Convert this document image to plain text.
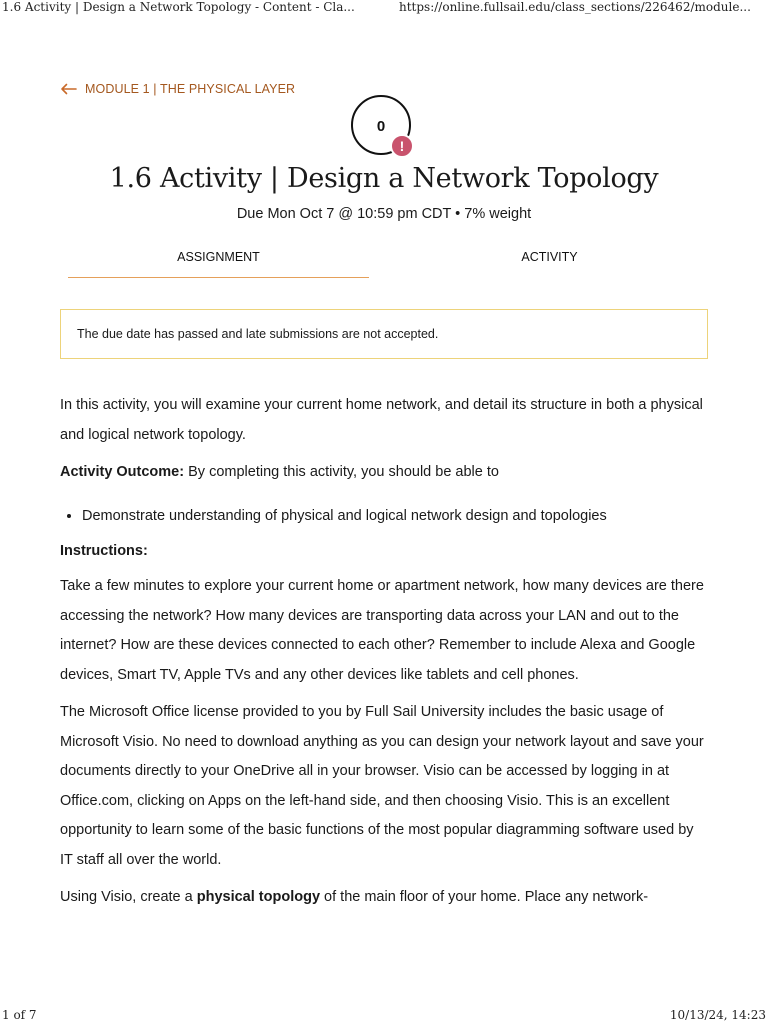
1.6 Activity | Design a Network Topology - Content - Cla...	https://online.fullsail.edu/class_sections/226462/module...
MODULE 1 | THE PHYSICAL LAYER
0
!
1.6 Activity | Design a Network Topology
Due Mon Oct 7 @ 10:59 pm CDT • 7% weight
ASSIGNMENT	ACTIVITY
The due date has passed and late submissions are not accepted.

In this activity, you will examine your current home network, and detail its structure in both a physical and logical network topology.

Activity Outcome: By completing this activity, you should be able to

• Demonstrate understanding of physical and logical network design and topologies

Instructions:

Take a few minutes to explore your current home or apartment network, how many devices are there accessing the network? How many devices are transporting data across your LAN and out to the internet? How are these devices connected to each other? Remember to include Alexa and Google devices, Smart TV, Apple TVs and any other devices like tablets and cell phones.

The Microsoft Office license provided to you by Full Sail University includes the basic usage of Microsoft Visio. No need to download anything as you can design your network layout and save your documents directly to your OneDrive all in your browser. Visio can be accessed by logging in at Office.com, clicking on Apps on the left-hand side, and then choosing Visio. This is an excellent opportunity to learn some of the basic functions of the most popular diagramming software used by IT staff all over the world.

Using Visio, create a physical topology of the main floor of your home. Place any network-

1 of 7	10/13/24, 14:23
